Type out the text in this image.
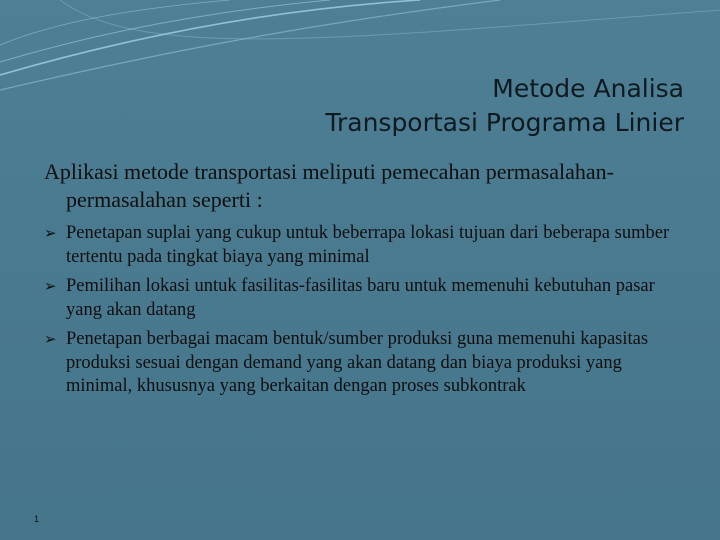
Metode Analisa
Transportasi Programa Linier
Aplikasi metode transportasi meliputi pemecahan permasalahan-permasalahan seperti :
➢ Penetapan suplai yang cukup untuk beberrapa lokasi tujuan dari beberapa sumber tertentu pada tingkat biaya yang minimal
➢ Pemilihan lokasi untuk fasilitas-fasilitas baru untuk memenuhi kebutuhan pasar yang akan datang
➢ Penetapan berbagai macam bentuk/sumber produksi guna memenuhi kapasitas produksi sesuai dengan demand yang akan datang dan biaya produksi yang minimal, khususnya yang berkaitan dengan proses subkontrak
1
